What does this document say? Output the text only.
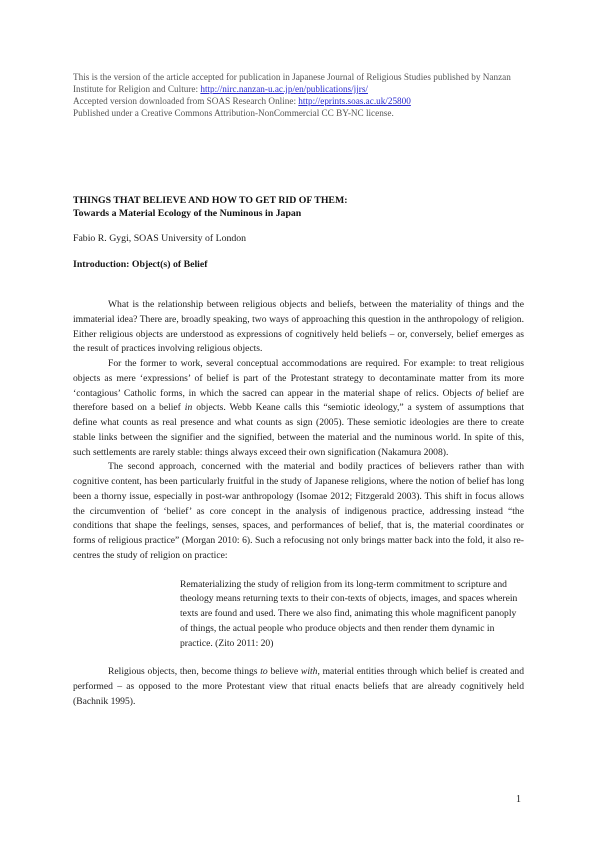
This is the version of the article accepted for publication in Japanese Journal of Religious Studies published by Nanzan Institute for Religion and Culture: http://nirc.nanzan-u.ac.jp/en/publications/jjrs/
Accepted version downloaded from SOAS Research Online: http://eprints.soas.ac.uk/25800
Published under a Creative Commons Attribution-NonCommercial CC BY-NC license.
THINGS THAT BELIEVE AND HOW TO GET RID OF THEM:
Towards a Material Ecology of the Numinous in Japan
Fabio R. Gygi, SOAS University of London
Introduction: Object(s) of Belief

What is the relationship between religious objects and beliefs, between the materiality of things and the immaterial idea? There are, broadly speaking, two ways of approaching this question in the anthropology of religion. Either religious objects are understood as expressions of cognitively held beliefs – or, conversely, belief emerges as the result of practices involving religious objects.

For the former to work, several conceptual accommodations are required. For example: to treat religious objects as mere ‘expressions’ of belief is part of the Protestant strategy to decontaminate matter from its more ‘contagious’ Catholic forms, in which the sacred can appear in the material shape of relics. Objects of belief are therefore based on a belief in objects. Webb Keane calls this “semiotic ideology,” a system of assumptions that define what counts as real presence and what counts as sign (2005). These semiotic ideologies are there to create stable links between the signifier and the signified, between the material and the numinous world. In spite of this, such settlements are rarely stable: things always exceed their own signification (Nakamura 2008).

The second approach, concerned with the material and bodily practices of believers rather than with cognitive content, has been particularly fruitful in the study of Japanese religions, where the notion of belief has long been a thorny issue, especially in post-war anthropology (Isomae 2012; Fitzgerald 2003). This shift in focus allows the circumvention of ‘belief’ as core concept in the analysis of indigenous practice, addressing instead “the conditions that shape the feelings, senses, spaces, and performances of belief, that is, the material coordinates or forms of religious practice” (Morgan 2010: 6). Such a refocusing not only brings matter back into the fold, it also re-centres the study of religion on practice:

Rematerializing the study of religion from its long-term commitment to scripture and theology means returning texts to their con-texts of objects, images, and spaces wherein texts are found and used. There we also find, animating this whole magnificent panoply of things, the actual people who produce objects and then render them dynamic in practice. (Zito 2011: 20)

Religious objects, then, become things to believe with, material entities through which belief is created and performed – as opposed to the more Protestant view that ritual enacts beliefs that are already cognitively held (Bachnik 1995).

1
